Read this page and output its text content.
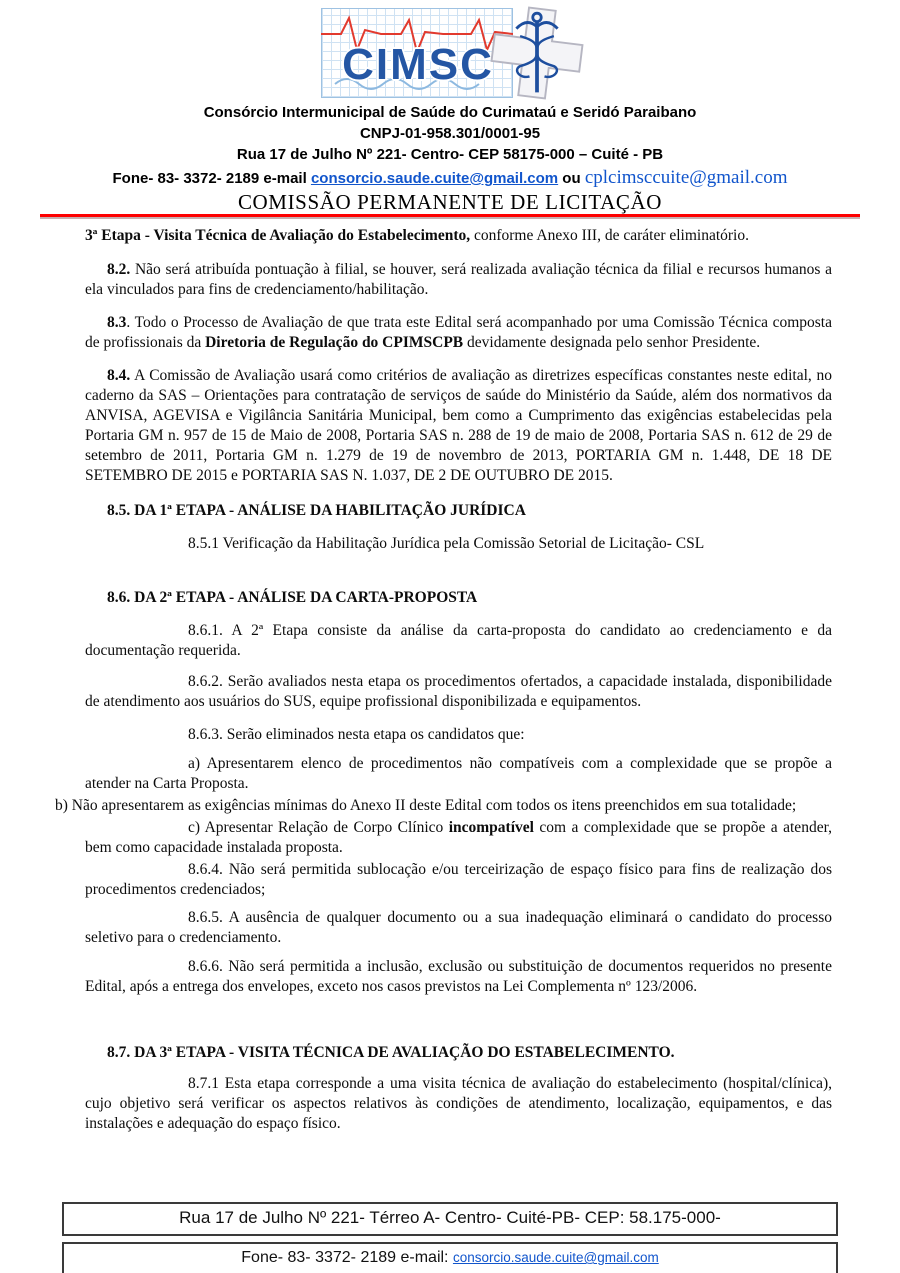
CIMSC
Consórcio Intermunicipal de Saúde do Curimataú e Seridó Paraibano
CNPJ-01-958.301/0001-95
Rua 17 de Julho Nº 221- Centro- CEP 58175-000 – Cuité - PB
Fone- 83- 3372- 2189 e-mail consorcio.saude.cuite@gmail.com ou cplcimsccuite@gmail.com
COMISSÃO PERMANENTE DE LICITAÇÃO

3ª Etapa - Visita Técnica de Avaliação do Estabelecimento, conforme Anexo III, de caráter eliminatório.

8.2. Não será atribuída pontuação à filial, se houver, será realizada avaliação técnica da filial e recursos humanos a ela vinculados para fins de credenciamento/habilitação.

8.3. Todo o Processo de Avaliação de que trata este Edital será acompanhado por uma Comissão Técnica composta de profissionais da Diretoria de Regulação do CPIMSCPB devidamente designada pelo senhor Presidente.

8.4. A Comissão de Avaliação usará como critérios de avaliação as diretrizes específicas constantes neste edital, no caderno da SAS – Orientações para contratação de serviços de saúde do Ministério da Saúde, além dos normativos da ANVISA, AGEVISA e Vigilância Sanitária Municipal, bem como a Cumprimento das exigências estabelecidas pela Portaria GM n. 957 de 15 de Maio de 2008, Portaria SAS n. 288 de 19 de maio de 2008, Portaria SAS n. 612 de 29 de setembro de 2011, Portaria GM n. 1.279 de 19 de novembro de 2013, PORTARIA GM n. 1.448, DE 18 DE SETEMBRO DE 2015 e PORTARIA SAS N. 1.037, DE 2 DE OUTUBRO DE 2015.

8.5. DA 1ª ETAPA - ANÁLISE DA HABILITAÇÃO JURÍDICA

8.5.1 Verificação da Habilitação Jurídica pela Comissão Setorial de Licitação- CSL

8.6. DA 2ª ETAPA - ANÁLISE DA CARTA-PROPOSTA

8.6.1. A 2ª Etapa consiste da análise da carta-proposta do candidato ao credenciamento e da documentação requerida.

8.6.2. Serão avaliados nesta etapa os procedimentos ofertados, a capacidade instalada, disponibilidade de atendimento aos usuários do SUS, equipe profissional disponibilizada e equipamentos.

8.6.3. Serão eliminados nesta etapa os candidatos que:

a) Apresentarem elenco de procedimentos não compatíveis com a complexidade que se propõe a atender na Carta Proposta.

b) Não apresentarem as exigências mínimas do Anexo II deste Edital com todos os itens preenchidos em sua totalidade;

c) Apresentar Relação de Corpo Clínico incompatível com a complexidade que se propõe a atender, bem como capacidade instalada proposta.

8.6.4. Não será permitida sublocação e/ou terceirização de espaço físico para fins de realização dos procedimentos credenciados;

8.6.5. A ausência de qualquer documento ou a sua inadequação eliminará o candidato do processo seletivo para o credenciamento.

8.6.6. Não será permitida a inclusão, exclusão ou substituição de documentos requeridos no presente Edital, após a entrega dos envelopes, exceto nos casos previstos na Lei Complementa nº 123/2006.

8.7. DA 3ª ETAPA - VISITA TÉCNICA DE AVALIAÇÃO DO ESTABELECIMENTO.

8.7.1 Esta etapa corresponde a uma visita técnica de avaliação do estabelecimento (hospital/clínica), cujo objetivo será verificar os aspectos relativos às condições de atendimento, localização, equipamentos, e das instalações e adequação do espaço físico.

Rua 17 de Julho Nº 221- Térreo A- Centro- Cuité-PB- CEP: 58.175-000-
Fone- 83- 3372- 2189 e-mail: consorcio.saude.cuite@gmail.com
